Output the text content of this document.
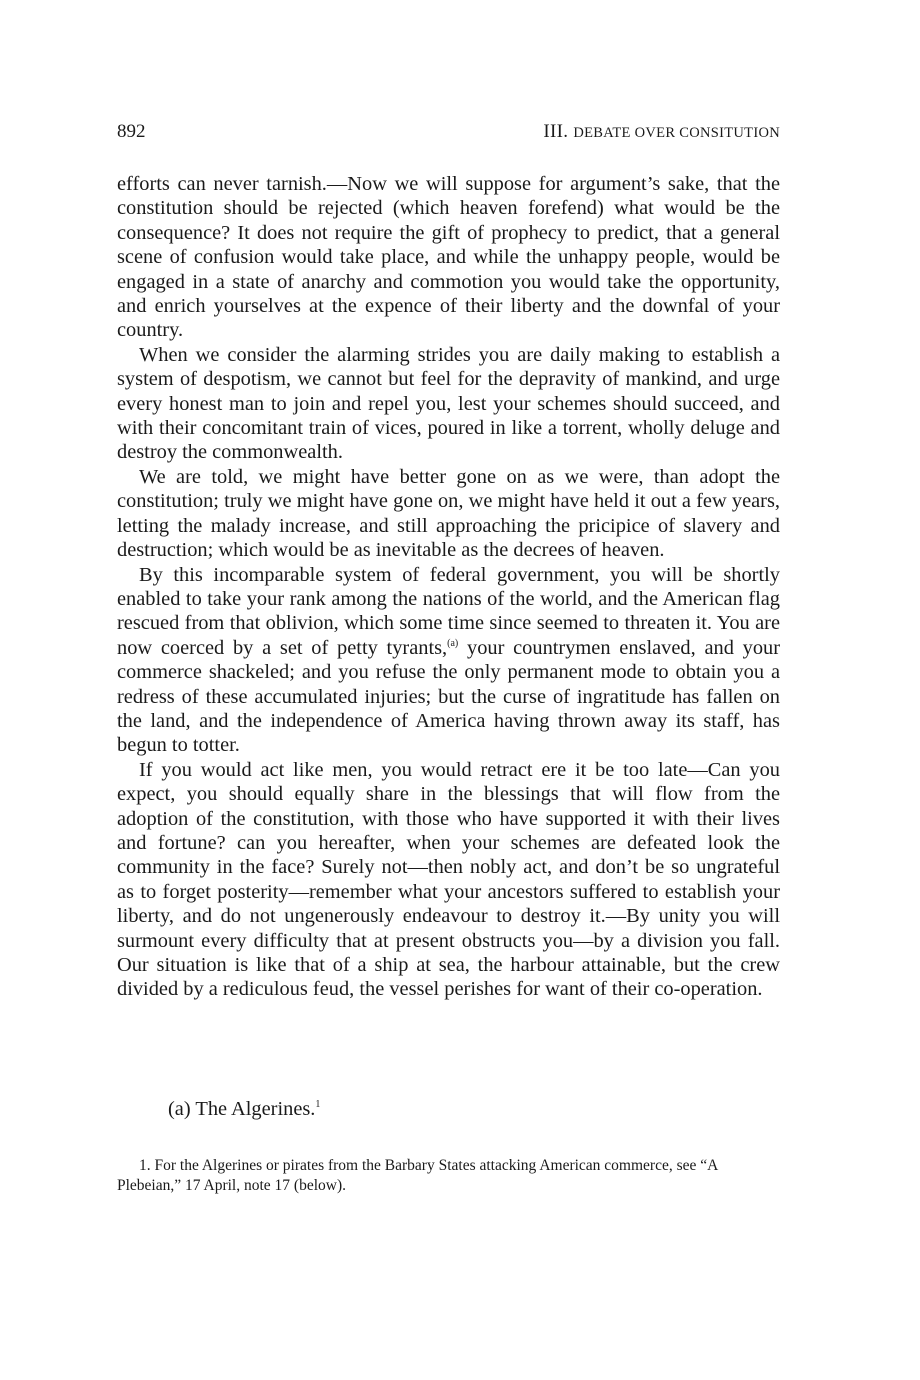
892	III. DEBATE OVER CONSITUTION

efforts can never tarnish.—Now we will suppose for argument’s sake, that the constitution should be rejected (which heaven forefend) what would be the consequence? It does not require the gift of prophecy to predict, that a general scene of confusion would take place, and while the unhappy people, would be engaged in a state of anarchy and commotion you would take the opportunity, and enrich yourselves at the expence of their liberty and the downfal of your country.

When we consider the alarming strides you are daily making to establish a system of despotism, we cannot but feel for the depravity of mankind, and urge every honest man to join and repel you, lest your schemes should succeed, and with their concomitant train of vices, poured in like a torrent, wholly deluge and destroy the commonwealth.

We are told, we might have better gone on as we were, than adopt the constitution; truly we might have gone on, we might have held it out a few years, letting the malady increase, and still approaching the pricipice of slavery and destruction; which would be as inevitable as the decrees of heaven.

By this incomparable system of federal government, you will be shortly enabled to take your rank among the nations of the world, and the American flag rescued from that oblivion, which some time since seemed to threaten it. You are now coerced by a set of petty tyrants,$^{(a)}$ your countrymen enslaved, and your commerce shackeled; and you refuse the only permanent mode to obtain you a redress of these accumulated injuries; but the curse of ingratitude has fallen on the land, and the independence of America having thrown away its staff, has begun to totter.

If you would act like men, you would retract ere it be too late—Can you expect, you should equally share in the blessings that will flow from the adoption of the constitution, with those who have supported it with their lives and fortune? can you hereafter, when your schemes are defeated look the community in the face? Surely not—then nobly act, and don’t be so ungrateful as to forget posterity—remember what your ancestors suffered to establish your liberty, and do not ungenerously endeavour to destroy it.—By unity you will surmount every difficulty that at present obstructs you—by a division you fall. Our situation is like that of a ship at sea, the harbour attainable, but the crew divided by a rediculous feud, the vessel perishes for want of their co-operation.

(a) The Algerines.$^1$

1. For the Algerines or pirates from the Barbary States attacking American commerce, see “A Plebeian,” 17 April, note 17 (below).
